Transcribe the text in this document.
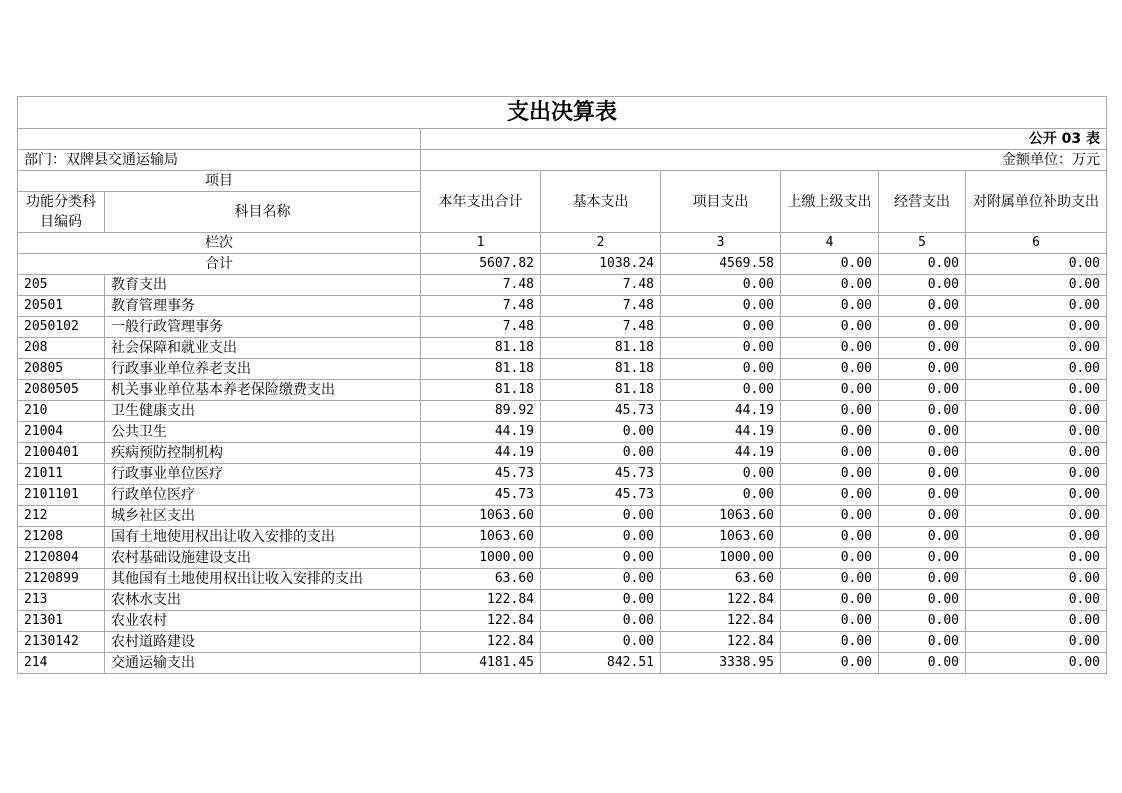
支出决算表							
		公开 03 表					
部门：双牌县交通运输局		金额单位：万元					
项目		本年支出合计	基本支出	项目支出	上缴上级支出	经营支出	对附属单位补助支出
功能分类科目编码	科目名称						
栏次		1	2	3	4	5	6
合计		5607.82	1038.24	4569.58	0.00	0.00	0.00
205	教育支出	7.48	7.48	0.00	0.00	0.00	0.00
20501	教育管理事务	7.48	7.48	0.00	0.00	0.00	0.00
2050102	一般行政管理事务	7.48	7.48	0.00	0.00	0.00	0.00
208	社会保障和就业支出	81.18	81.18	0.00	0.00	0.00	0.00
20805	行政事业单位养老支出	81.18	81.18	0.00	0.00	0.00	0.00
2080505	机关事业单位基本养老保险缴费支出	81.18	81.18	0.00	0.00	0.00	0.00
210	卫生健康支出	89.92	45.73	44.19	0.00	0.00	0.00
21004	公共卫生	44.19	0.00	44.19	0.00	0.00	0.00
2100401	疾病预防控制机构	44.19	0.00	44.19	0.00	0.00	0.00
21011	行政事业单位医疗	45.73	45.73	0.00	0.00	0.00	0.00
2101101	行政单位医疗	45.73	45.73	0.00	0.00	0.00	0.00
212	城乡社区支出	1063.60	0.00	1063.60	0.00	0.00	0.00
21208	国有土地使用权出让收入安排的支出	1063.60	0.00	1063.60	0.00	0.00	0.00
2120804	农村基础设施建设支出	1000.00	0.00	1000.00	0.00	0.00	0.00
2120899	其他国有土地使用权出让收入安排的支出	63.60	0.00	63.60	0.00	0.00	0.00
213	农林水支出	122.84	0.00	122.84	0.00	0.00	0.00
21301	农业农村	122.84	0.00	122.84	0.00	0.00	0.00
2130142	农村道路建设	122.84	0.00	122.84	0.00	0.00	0.00
214	交通运输支出	4181.45	842.51	3338.95	0.00	0.00	0.00
